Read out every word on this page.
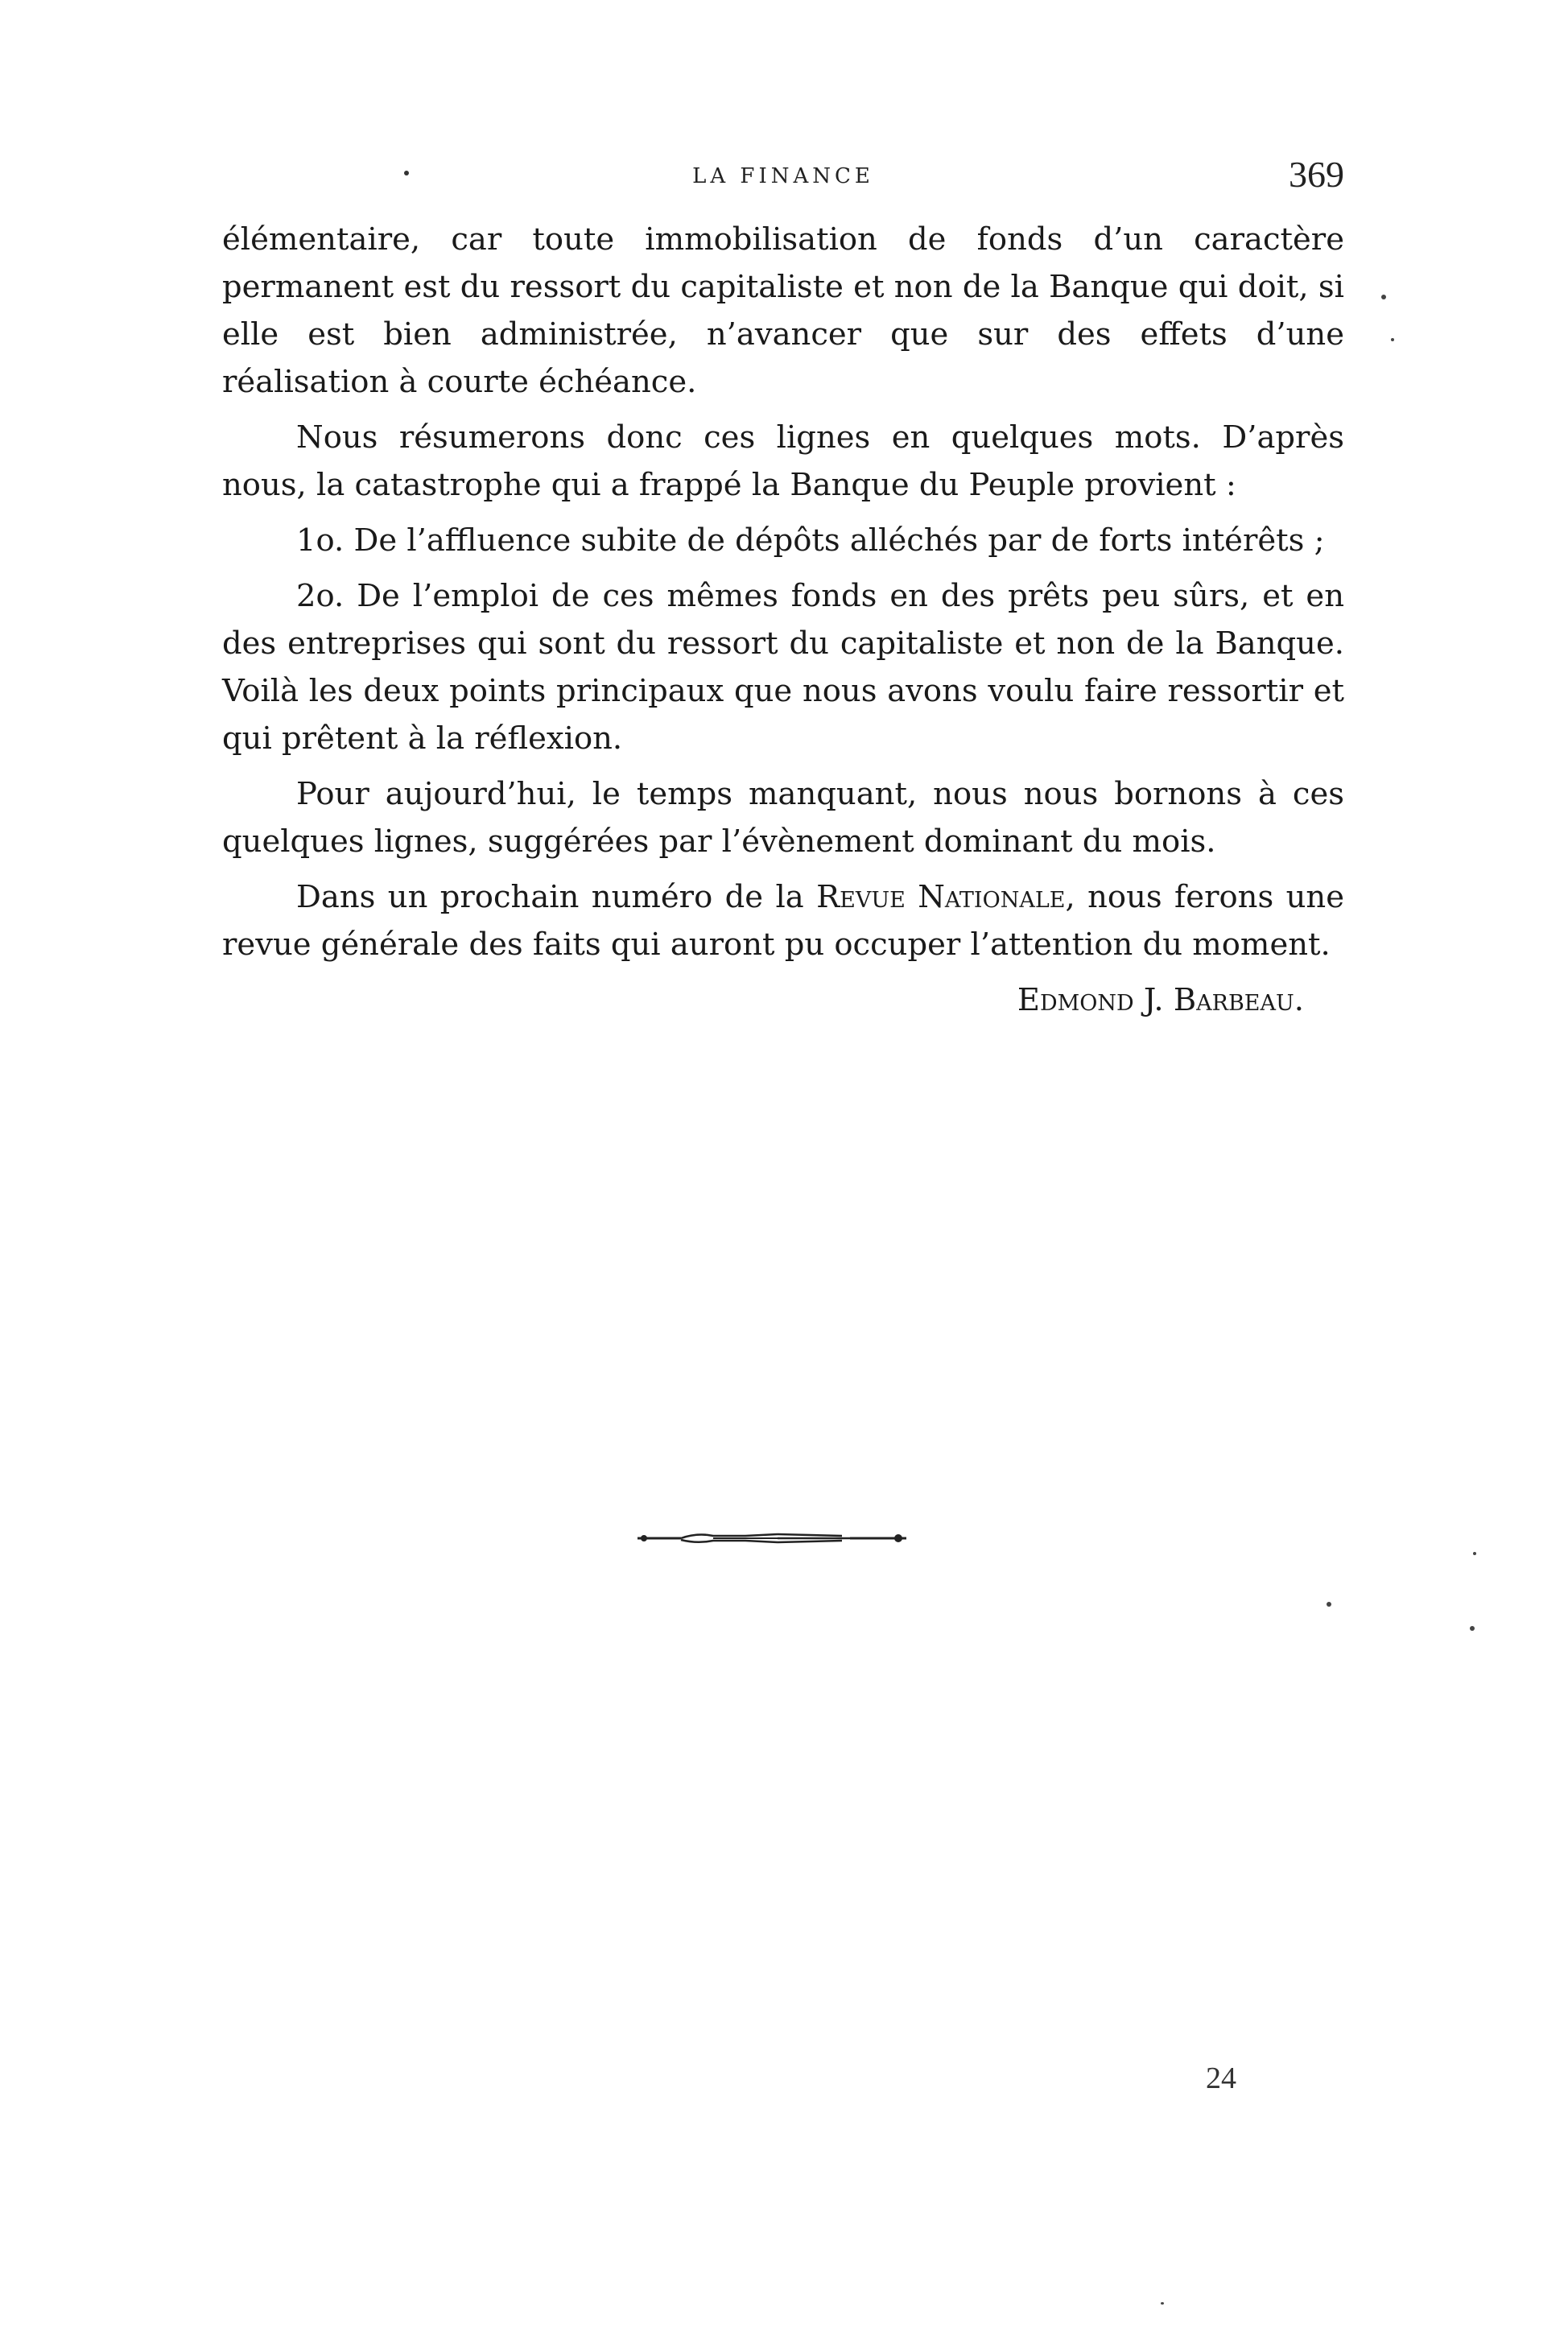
LA FINANCE	369

élémentaire, car toute immobilisation de fonds d’un caractère permanent est du ressort du capitaliste et non de la Banque qui doit, si elle est bien administrée, n’avancer que sur des effets d’une réalisation à courte échéance.

Nous résumerons donc ces lignes en quelques mots. D’après nous, la catastrophe qui a frappé la Banque du Peuple provient :

1o. De l’affluence subite de dépôts alléchés par de forts intérêts ;

2o. De l’emploi de ces mêmes fonds en des prêts peu sûrs, et en des entreprises qui sont du ressort du capitaliste et non de la Banque. Voilà les deux points principaux que nous avons voulu faire ressortir et qui prêtent à la réflexion.

Pour aujourd’hui, le temps manquant, nous nous bornons à ces quelques lignes, suggérées par l’évènement dominant du mois.

Dans un prochain numéro de la Revue Nationale, nous ferons une revue générale des faits qui auront pu occuper l’attention du moment.

Edmond J. Barbeau.

24
